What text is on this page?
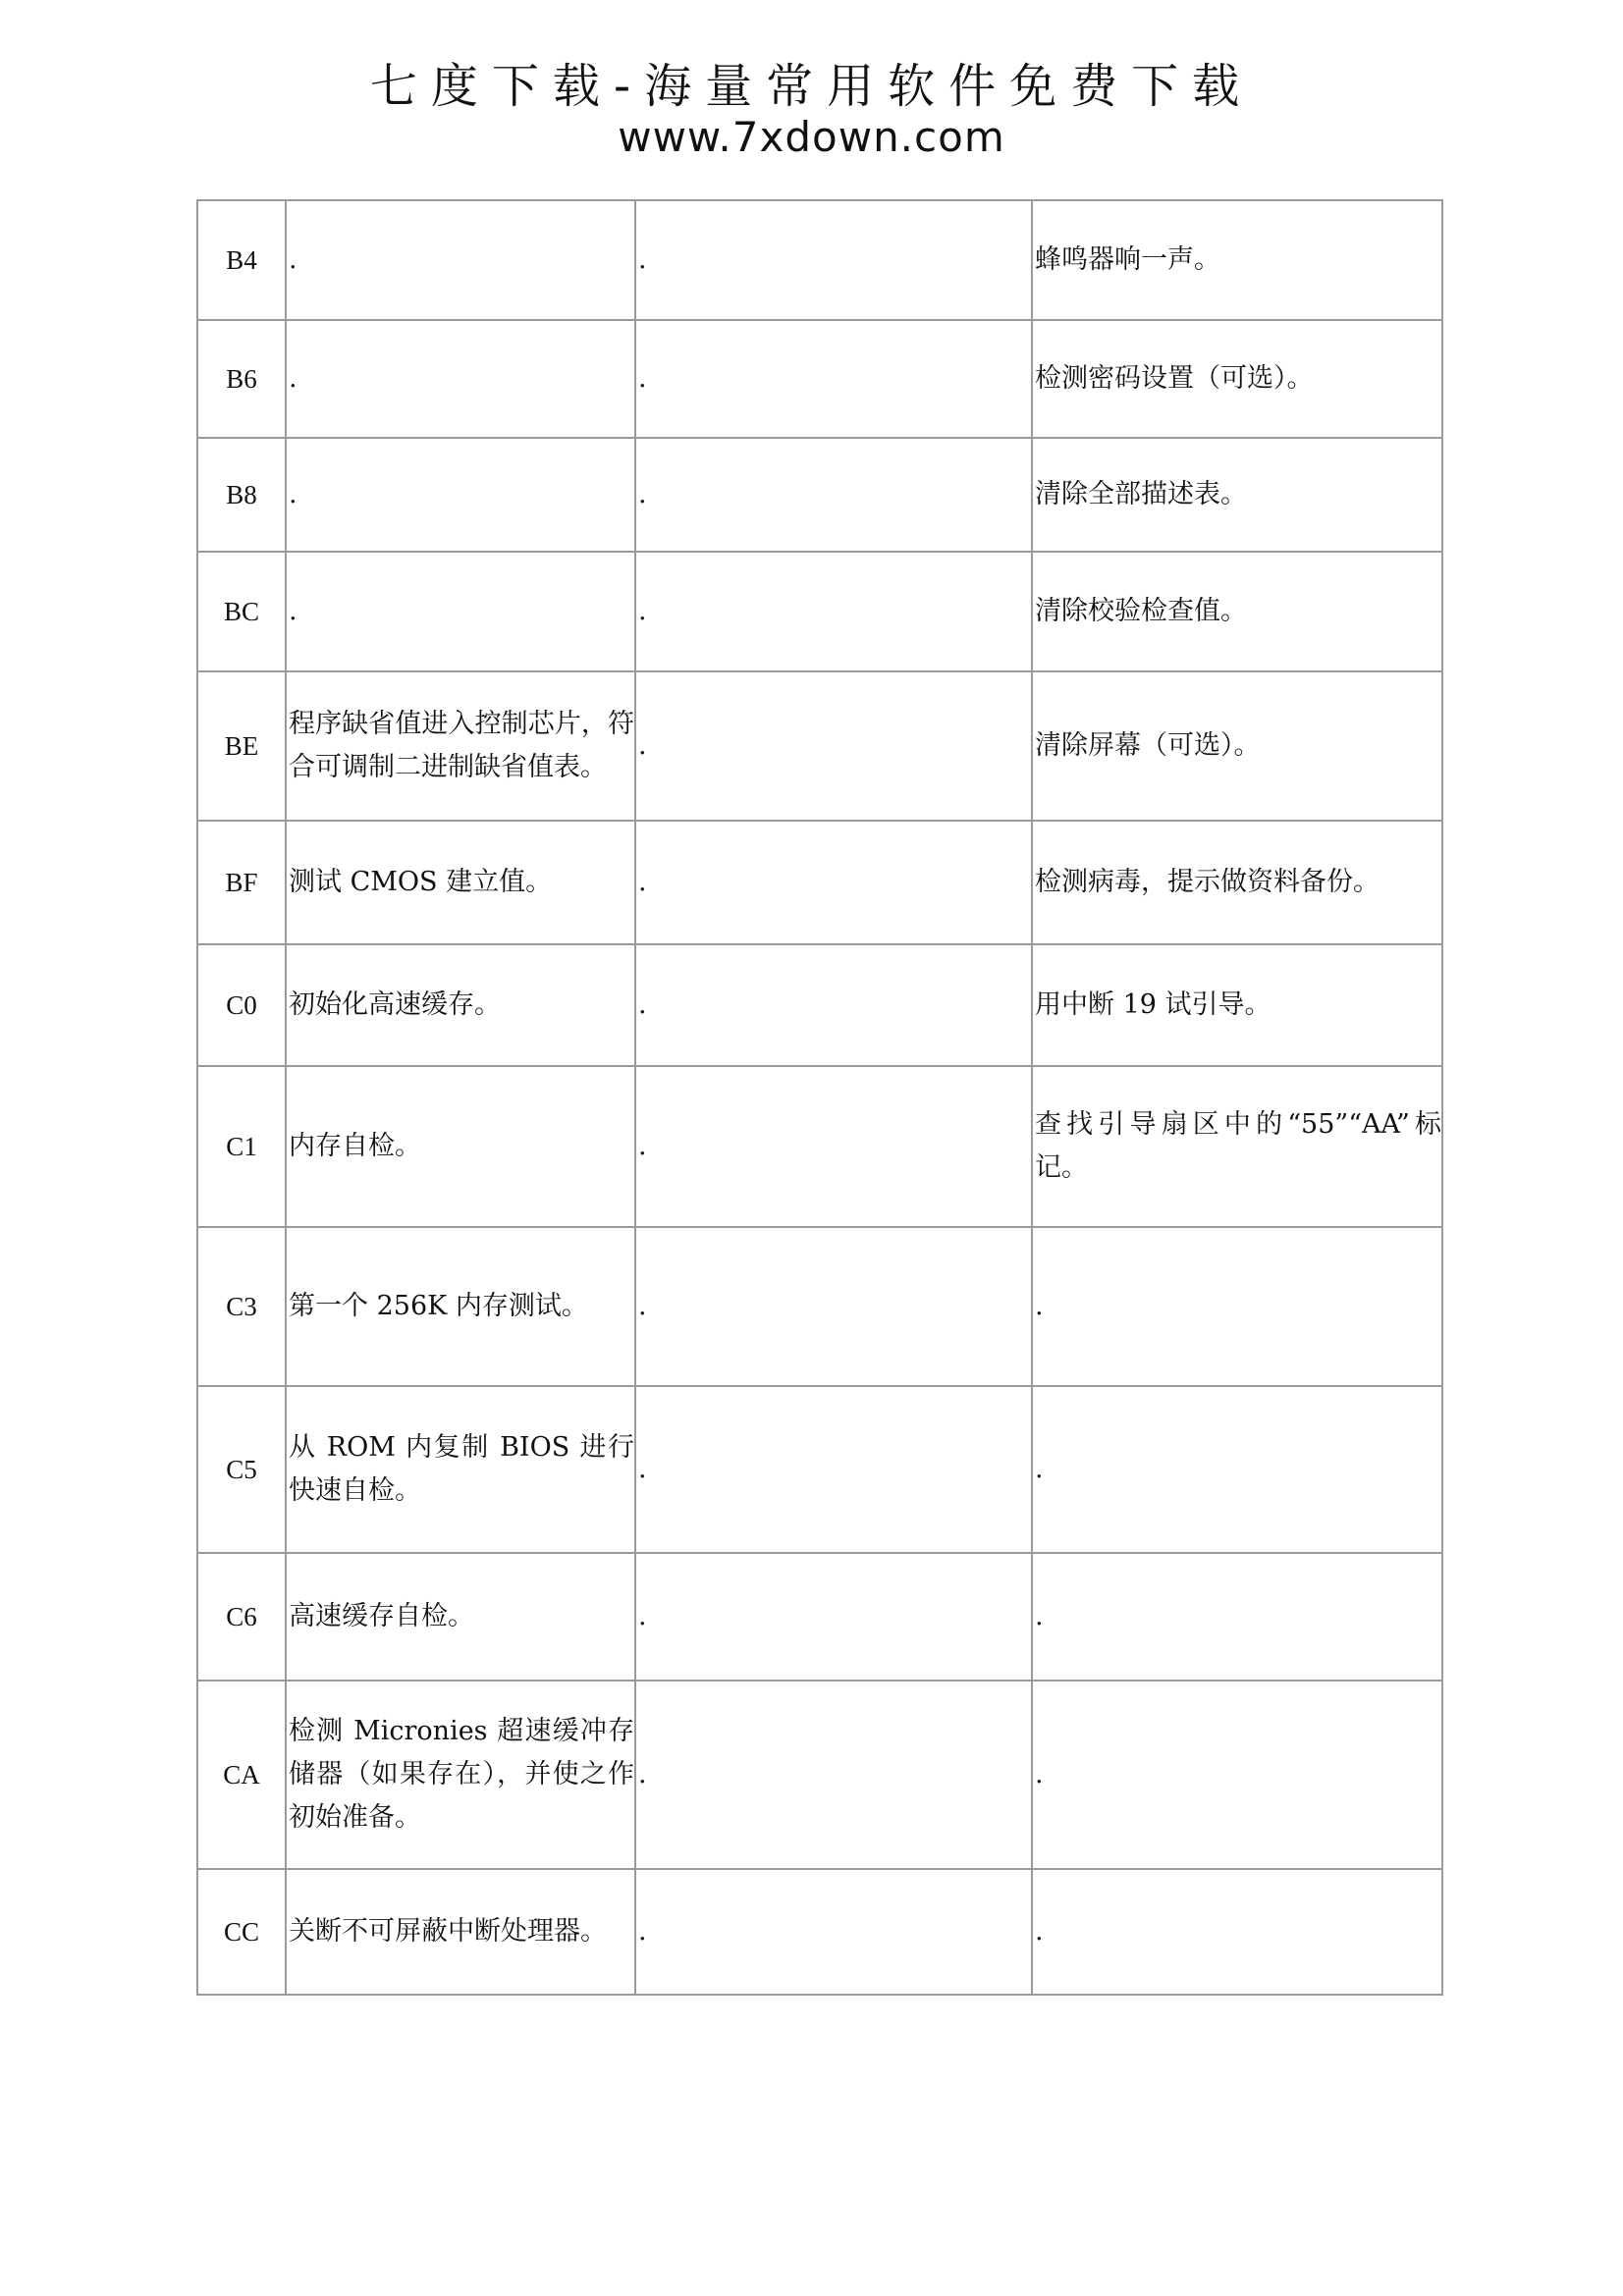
七度下载-海量常用软件免费下载
www.7xdown.com
B4	.	.	蜂鸣器响一声。
B6	.	.	检测密码设置（可选）。
B8	.	.	清除全部描述表。
BC	.	.	清除校验检查值。
BE	程序缺省值进入控制芯片，符合可调制二进制缺省值表。	.	清除屏幕（可选）。
BF	测试 CMOS 建立值。	.	检测病毒，提示做资料备份。
C0	初始化高速缓存。	.	用中断 19 试引导。
C1	内存自检。	.	查找引导扇区中的“55”“AA”标记。
C3	第一个 256K 内存测试。	.	.
C5	从 ROM 内复制 BIOS 进行快速自检。	.	.
C6	高速缓存自检。	.	.
CA	检测 Micronies 超速缓冲存储器（如果存在），并使之作初始准备。	.	.
CC	关断不可屏蔽中断处理器。	.	.
